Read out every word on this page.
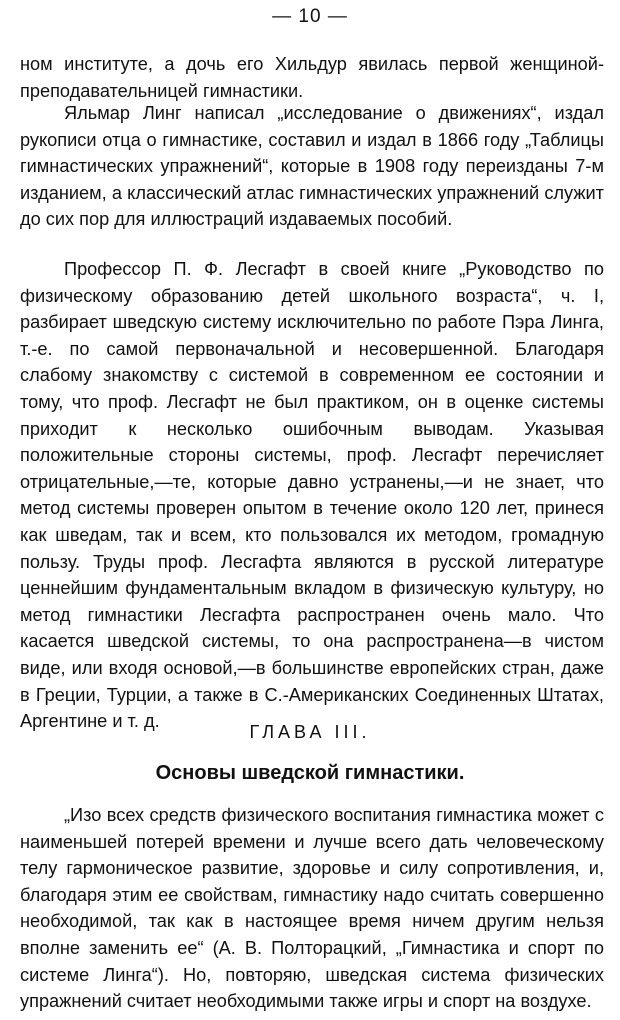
— 10 —

ном институте, а дочь его Хильдур явилась первой женщиной-преподавательницей гимнастики.

Яльмар Линг написал „исследование о движениях“, издал рукописи отца о гимнастике, составил и издал в 1866 году „Таблицы гимнастических упражнений“, которые в 1908 году переизданы 7-м изданием, а классический атлас гимнастических упражнений служит до сих пор для иллюстраций издаваемых пособий.

Профессор П. Ф. Лесгафт в своей книге „Руководство по физическому образованию детей школьного возраста“, ч. I, разбирает шведскую систему исключительно по работе Пэра Линга, т.-е. по самой первоначальной и несовершенной. Благодаря слабому знакомству с системой в современном ее состоянии и тому, что проф. Лесгафт не был практиком, он в оценке системы приходит к несколько ошибочным выводам. Указывая положительные стороны системы, проф. Лесгафт перечисляет отрицательные,—те, которые давно устранены,—и не знает, что метод системы проверен опытом в течение около 120 лет, принеся как шведам, так и всем, кто пользовался их методом, громадную пользу. Труды проф. Лесгафта являются в русской литературе ценнейшим фундаментальным вкладом в физическую культуру, но метод гимнастики Лесгафта распространен очень мало. Что касается шведской системы, то она распространена—в чистом виде, или входя основой,—в большинстве европейских стран, даже в Греции, Турции, а также в С.-Американских Соединенных Штатах, Аргентине и т. д.

ГЛАВА III.
Основы шведской гимнастики.

„Изо всех средств физического воспитания гимнастика может с наименьшей потерей времени и лучше всего дать человеческому телу гармоническое развитие, здоровье и силу сопротивления, и, благодаря этим ее свойствам, гимнастику надо считать совершенно необходимой, так как в настоящее время ничем другим нельзя вполне заменить ее“ (А. В. Полторацкий, „Гимнастика и спорт по системе Линга“). Но, повторяю, шведская система физических упражнений считает необходимыми также игры и спорт на воздухе.
